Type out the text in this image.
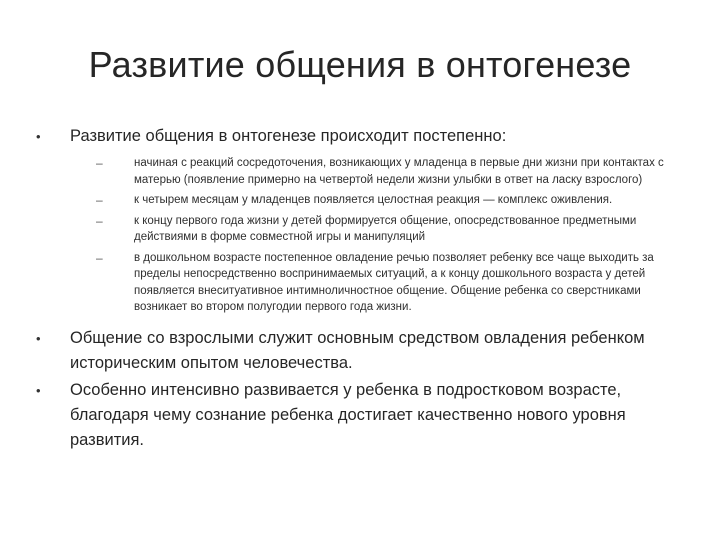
Развитие общения в онтогенезе
•	Развитие общения в онтогенезе происходит постепенно:
–	начиная с реакций сосредоточения, возникающих у младенца в первые дни жизни при контактах с матерью (появление примерно на четвертой недели жизни улыбки в ответ на ласку взрослого)
–	к четырем месяцам у младенцев появляется целостная реакция — комплекс оживления.
–	к концу первого года жизни у детей формируется общение, опосредствованное предметными действиями в форме совместной игры и манипуляций
–	в дошкольном возрасте постепенное овладение речью позволяет ребенку все чаще выходить за пределы непосредственно воспринимаемых ситуаций, а к концу дошкольного возраста у детей появляется внеситуативное интимноличностное общение. Общение ребенка со сверстниками возникает во втором полугодии первого года жизни.
•	Общение со взрослыми служит основным средством овладения ребенком историческим опытом человечества.
•	Особенно интенсивно развивается у ребенка в подростковом возрасте, благодаря чему сознание ребенка достигает качественно нового уровня развития.
